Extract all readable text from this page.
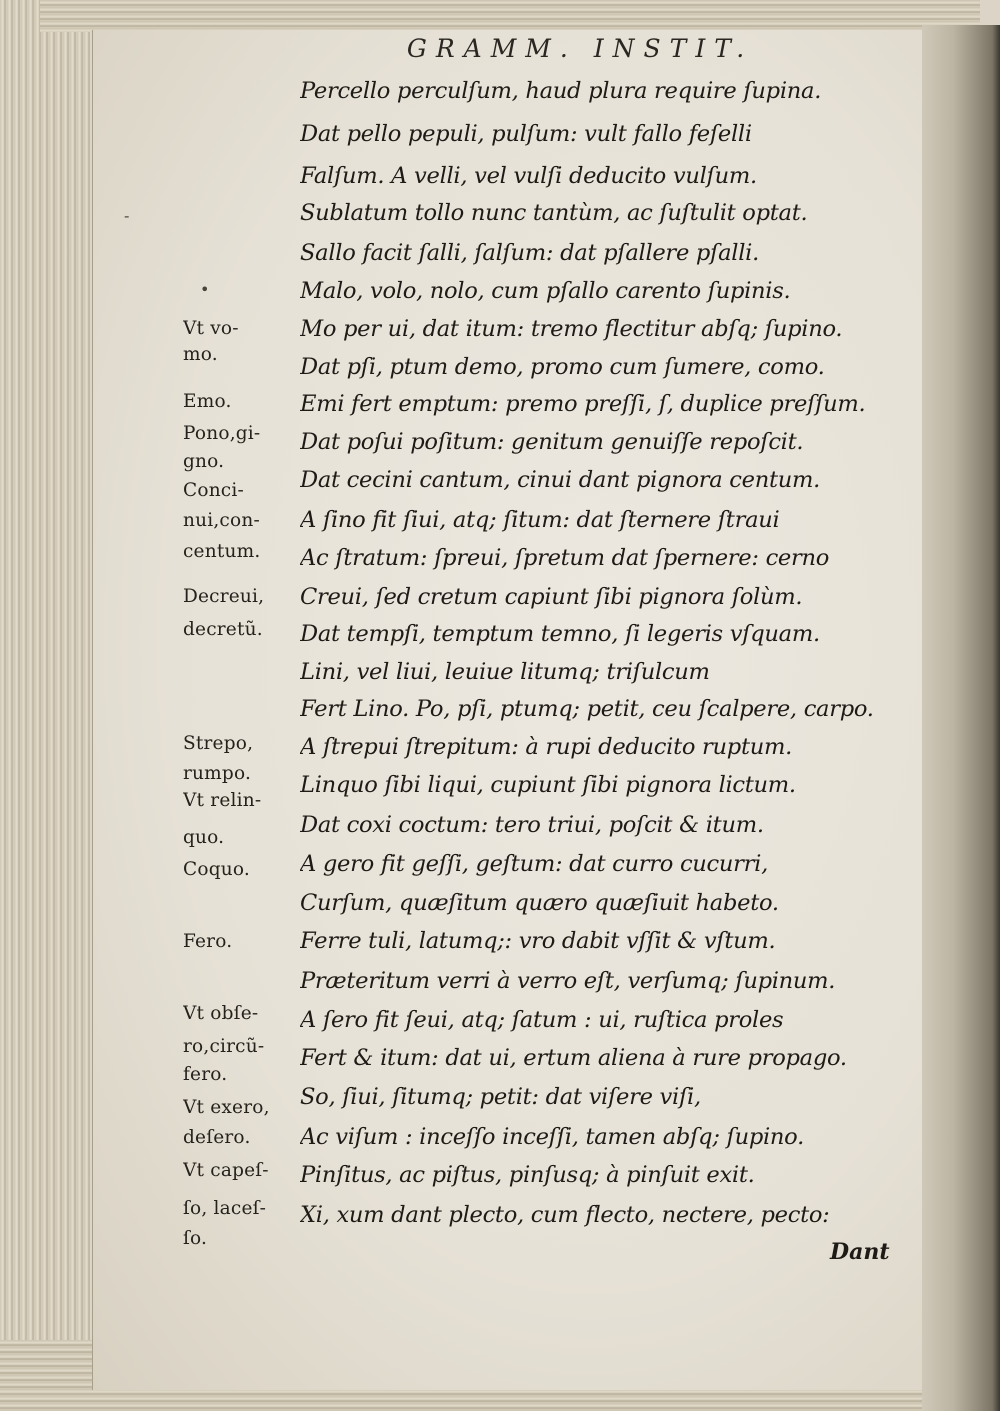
GRAMM. INSTIT.
Percello perculſum, haud plura require ſupina.
Dat pello pepuli, pulſum: vult fallo feſelli
Falſum. A velli, vel vulſi deducito vulſum.
Sublatum tollo nunc tantùm, ac ſuſtulit optat.
Sallo facit ſalli, ſalſum: dat pſallere pſalli.
Malo, volo, nolo, cum pſallo carento ſupinis.
Mo per ui, dat itum: tremo flectitur abſq; ſupino.
Dat pſi, ptum demo, promo cum ſumere, como.
Emi fert emptum: premo preſſi, ſ, duplice preſſum.
Dat poſui poſitum: genitum genuiſſe repoſcit.
Dat cecini cantum, cinui dant pignora centum.
A ſino fit ſiui, atq; ſitum: dat ſternere ſtraui
Ac ſtratum: ſpreui, ſpretum dat ſpernere: cerno
Creui, ſed cretum capiunt ſibi pignora ſolùm.
Dat tempſi, temptum temno, ſi legeris vſquam.
Lini, vel liui, leuiue litumq; triſulcum
Fert Lino. Po, pſi, ptumq; petit, ceu ſcalpere, carpo.
A ſtrepui ſtrepitum: à rupi deducito ruptum.
Linquo ſibi liqui, cupiunt ſibi pignora lictum.
Dat coxi coctum: tero triui, poſcit & itum.
A gero fit geſſi, geſtum: dat curro cucurri,
Curſum, quæſitum quæro quæſiuit habeto.
Ferre tuli, latumq;: vro dabit vſſit & vſtum.
Præteritum verri à verro eſt, verſumq; ſupinum.
A ſero fit ſeui, atq; ſatum : ui, ruſtica proles
Fert & itum: dat ui, ertum aliena à rure propago.
So, ſiui, ſitumq; petit: dat viſere viſi,
Ac viſum : inceſſo inceſſi, tamen abſq; ſupino.
Pinſitus, ac piſtus, pinſusq; à pinſuit exit.
Xi, xum dant plecto, cum flecto, nectere, pecto:
Vt vo-
mo.
Emo.
Pono,gi-
gno.
Conci-
nui,con-
centum.
Decreui,
decretũ.
Strepo,
rumpo.
Vt relin-
quo.
Coquo.
Fero.
Vt obſe-
ro,circũ-
fero.
Vt exero,
deſero.
Vt capeſ-
ſo, laceſ-
ſo.
Dant
•
-
